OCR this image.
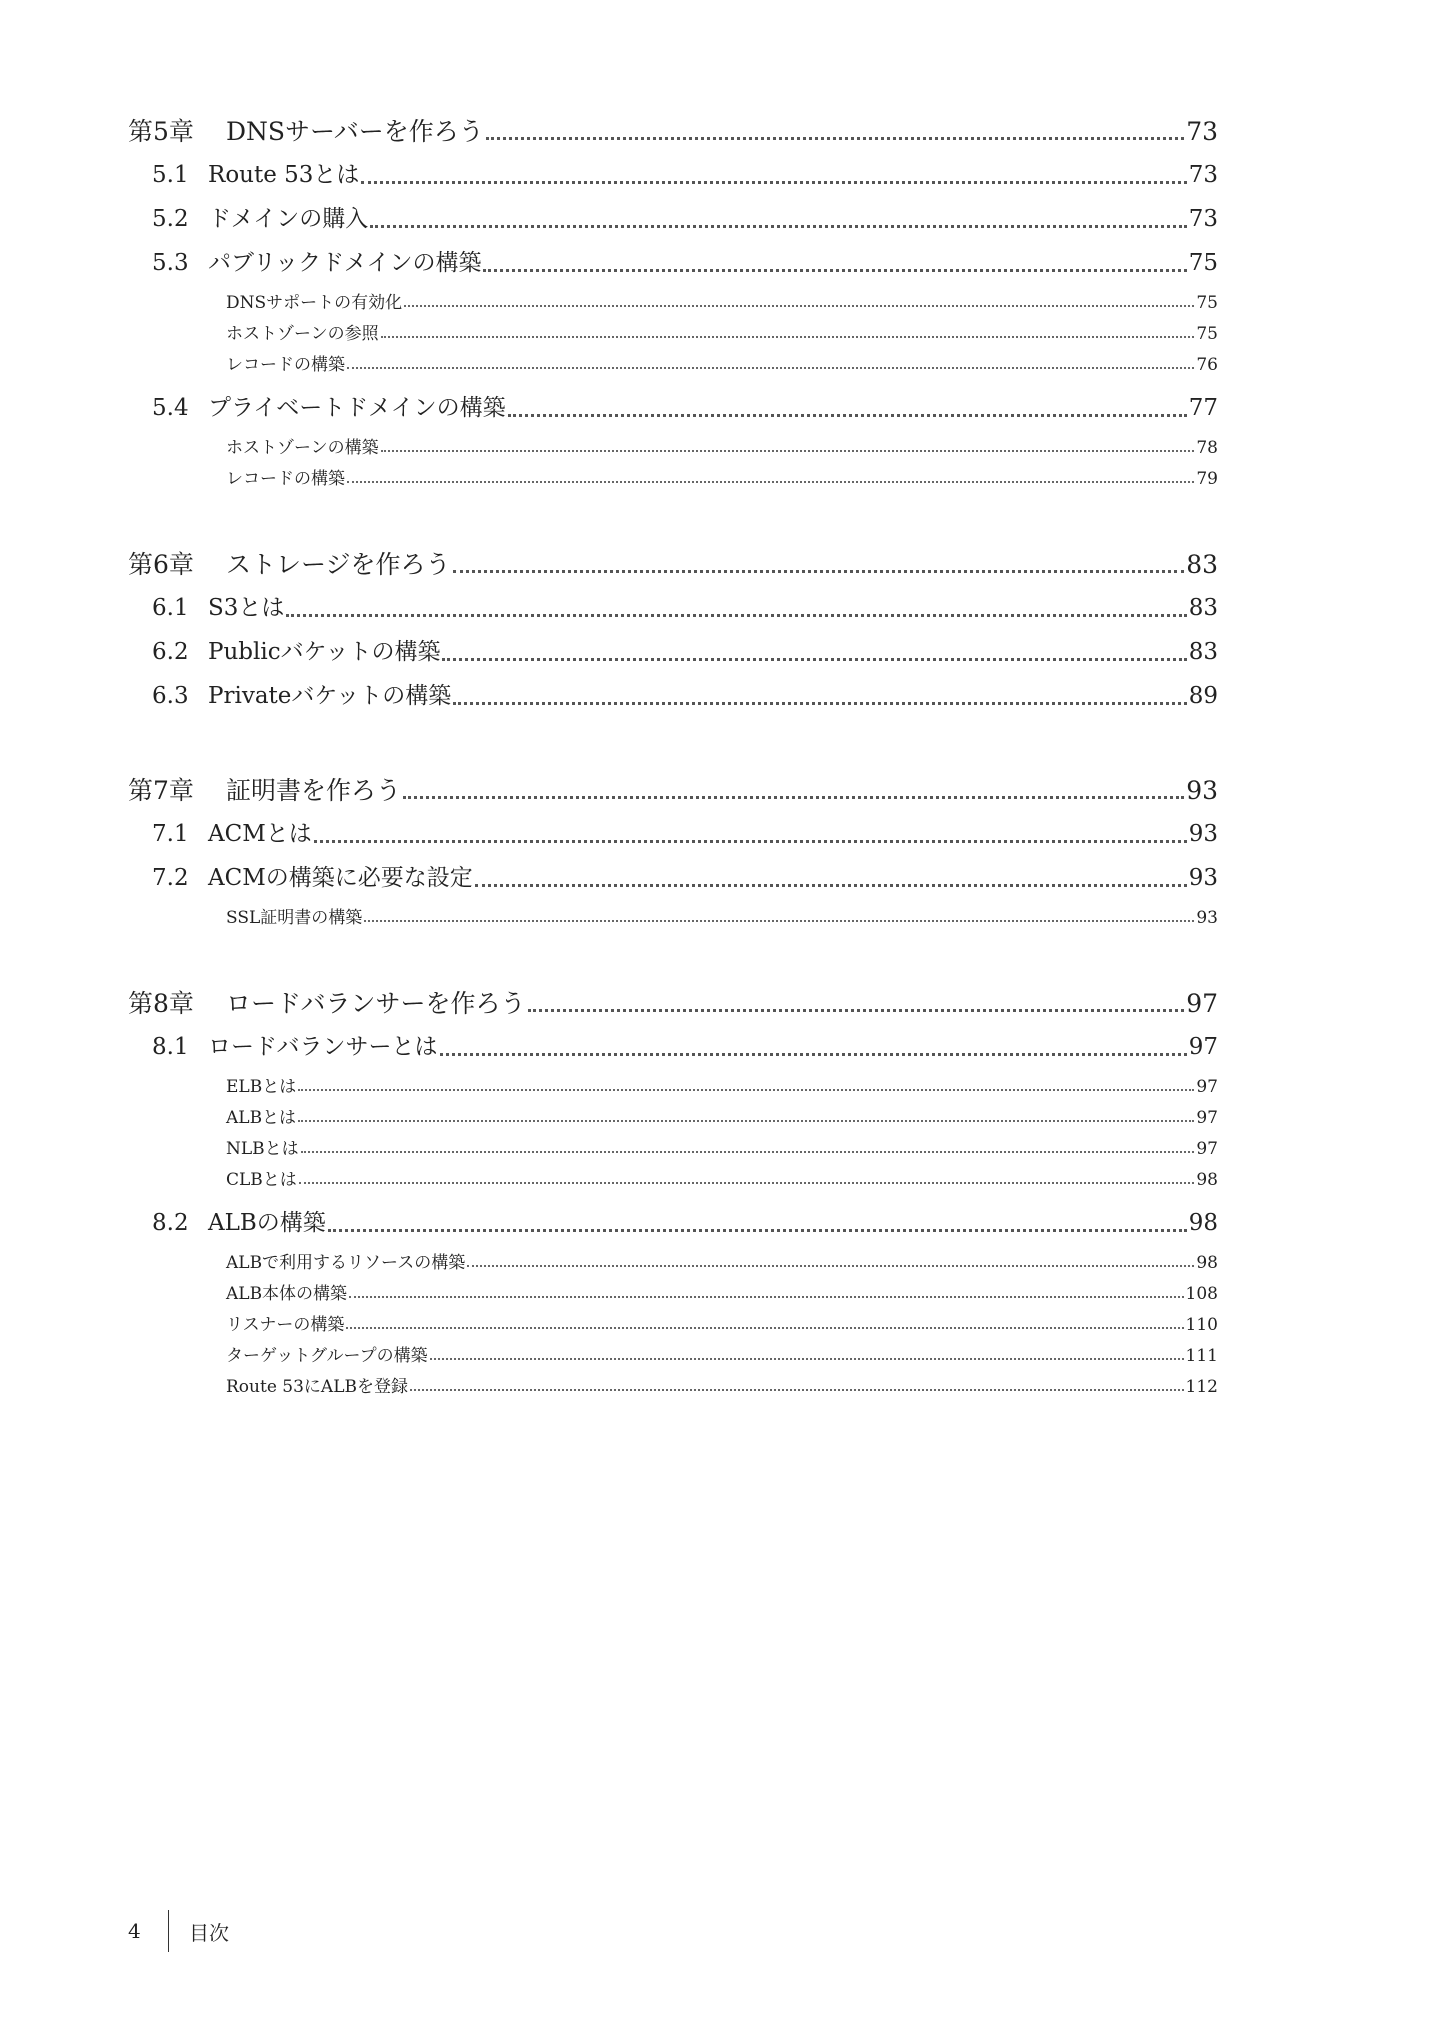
第5章	DNSサーバーを作ろう	73
5.1 Route 53とは	73
5.2 ドメインの購入	73
5.3 パブリックドメインの構築	75
DNSサポートの有効化	75
ホストゾーンの参照	75
レコードの構築	76
5.4 プライベートドメインの構築	77
ホストゾーンの構築	78
レコードの構築	79
第6章	ストレージを作ろう	83
6.1 S3とは	83
6.2 Publicバケットの構築	83
6.3 Privateバケットの構築	89
第7章	証明書を作ろう	93
7.1 ACMとは	93
7.2 ACMの構築に必要な設定	93
SSL証明書の構築	93
第8章	ロードバランサーを作ろう	97
8.1 ロードバランサーとは	97
ELBとは	97
ALBとは	97
NLBとは	97
CLBとは	98
8.2 ALBの構築	98
ALBで利用するリソースの構築	98
ALB本体の構築	108
リスナーの構築	110
ターゲットグループの構築	111
Route 53にALBを登録	112
4	目次
